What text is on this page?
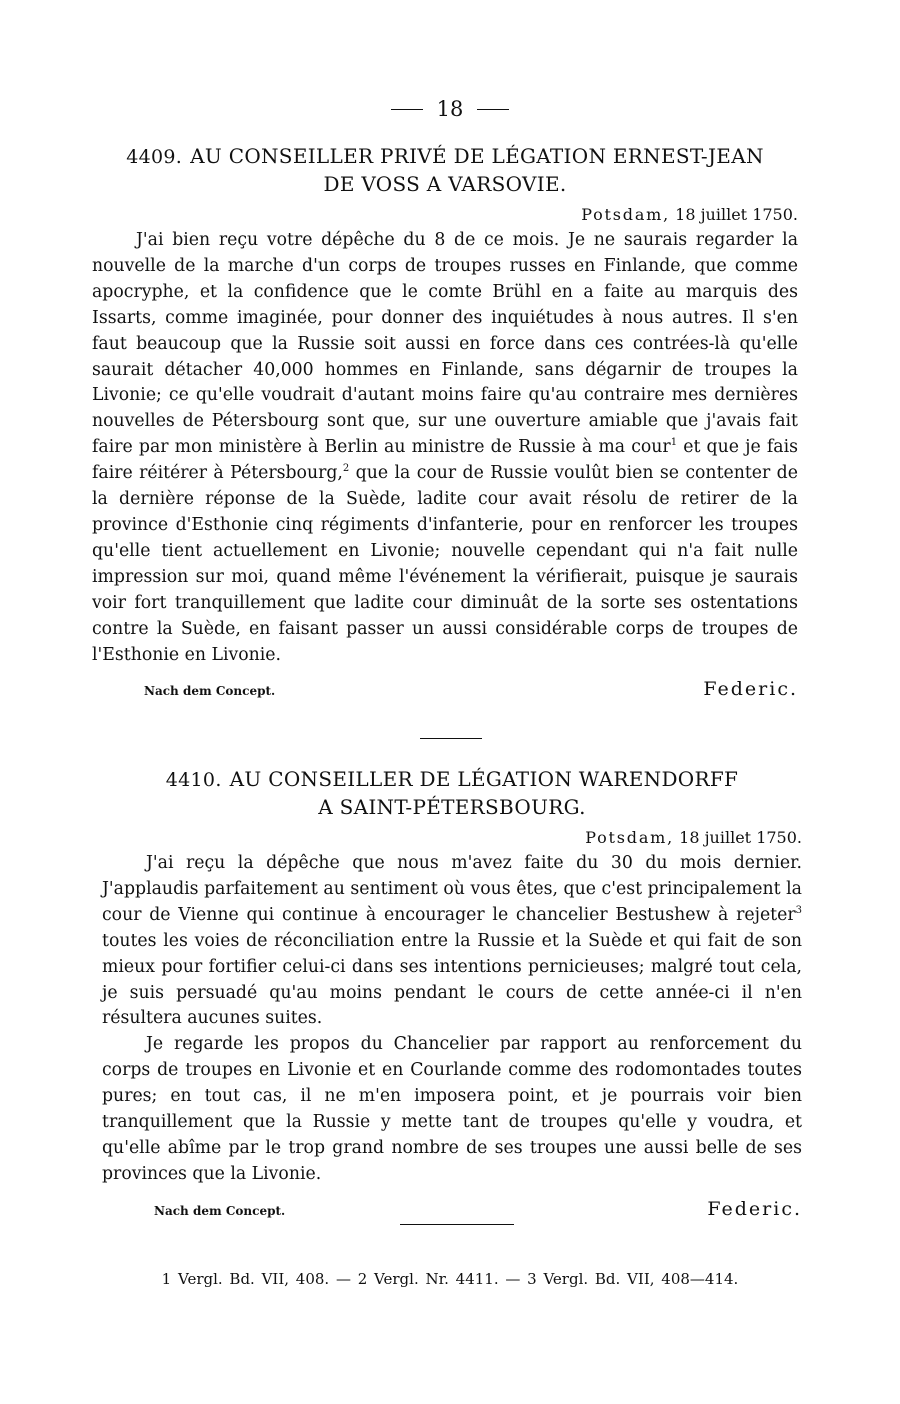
18
4409. AU CONSEILLER PRIVÉ DE LÉGATION ERNEST-JEAN
DE VOSS A VARSOVIE.
Potsdam, 18 juillet 1750.

J'ai bien reçu votre dépêche du 8 de ce mois. Je ne saurais regarder la nouvelle de la marche d'un corps de troupes russes en Finlande, que comme apocryphe, et la confidence que le comte Brühl en a faite au marquis des Issarts, comme imaginée, pour donner des inquiétudes à nous autres. Il s'en faut beaucoup que la Russie soit aussi en force dans ces contrées-là qu'elle saurait détacher 40,000 hommes en Finlande, sans dégarnir de troupes la Livonie; ce qu'elle voudrait d'autant moins faire qu'au contraire mes dernières nouvelles de Pétersbourg sont que, sur une ouverture amiable que j'avais fait faire par mon ministère à Berlin au ministre de Russie à ma cour$^1$ et que je fais faire réitérer à Pétersbourg,$^2$ que la cour de Russie voulût bien se contenter de la dernière réponse de la Suède, ladite cour avait résolu de retirer de la province d'Esthonie cinq régiments d'infanterie, pour en renforcer les troupes qu'elle tient actuellement en Livonie; nouvelle cependant qui n'a fait nulle impression sur moi, quand même l'événement la vérifierait, puisque je saurais voir fort tranquillement que ladite cour diminuât de la sorte ses ostentations contre la Suède, en faisant passer un aussi considérable corps de troupes de l'Esthonie en Livonie.

Nach dem Concept.	Federic.
4410. AU CONSEILLER DE LÉGATION WARENDORFF
A SAINT-PÉTERSBOURG.
Potsdam, 18 juillet 1750.

J'ai reçu la dépêche que nous m'avez faite du 30 du mois dernier. J'applaudis parfaitement au sentiment où vous êtes, que c'est principalement la cour de Vienne qui continue à encourager le chancelier Bestushew à rejeter$^3$ toutes les voies de réconciliation entre la Russie et la Suède et qui fait de son mieux pour fortifier celui-ci dans ses intentions pernicieuses; malgré tout cela, je suis persuadé qu'au moins pendant le cours de cette année-ci il n'en résultera aucunes suites.

Je regarde les propos du Chancelier par rapport au renforcement du corps de troupes en Livonie et en Courlande comme des rodomontades toutes pures; en tout cas, il ne m'en imposera point, et je pourrais voir bien tranquillement que la Russie y mette tant de troupes qu'elle y voudra, et qu'elle abîme par le trop grand nombre de ses troupes une aussi belle de ses provinces que la Livonie.

Nach dem Concept.	Federic.
1 Vergl. Bd. VII, 408. — 2 Vergl. Nr. 4411. — 3 Vergl. Bd. VII, 408—414.
